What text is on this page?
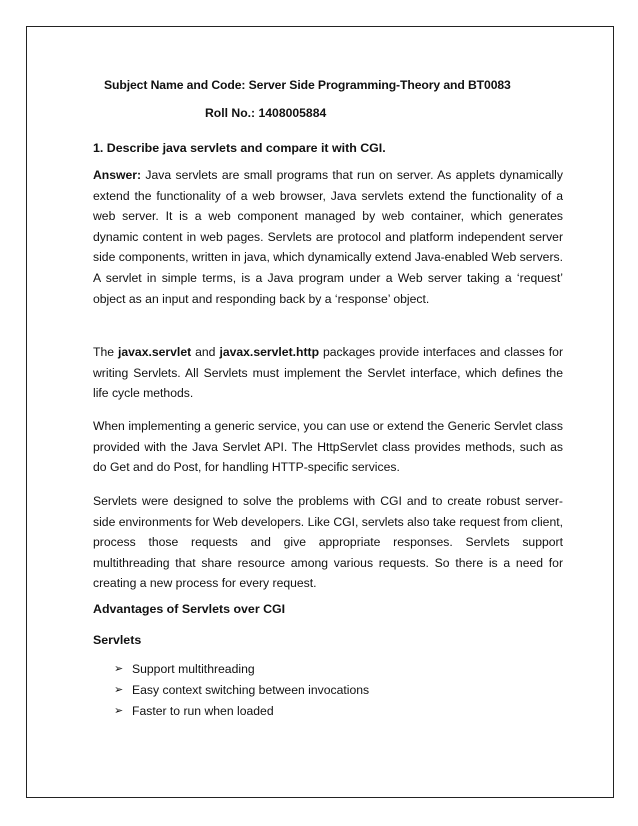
Subject Name and Code: Server Side Programming-Theory and BT0083

Roll No.: 1408005884

1. Describe java servlets and compare it with CGI.

Answer: Java servlets are small programs that run on server. As applets dynamically extend the functionality of a web browser, Java servlets extend the functionality of a web server. It is a web component managed by web container, which generates dynamic content in web pages. Servlets are protocol and platform independent server side components, written in java, which dynamically extend Java-enabled Web servers. A servlet in simple terms, is a Java program under a Web server taking a ‘request’ object as an input and responding back by a ‘response’ object.

The javax.servlet and javax.servlet.http packages provide interfaces and classes for writing Servlets. All Servlets must implement the Servlet interface, which defines the life cycle methods.

When implementing a generic service, you can use or extend the Generic Servlet class provided with the Java Servlet API. The HttpServlet class provides methods, such as do Get and do Post, for handling HTTP-specific services.

Servlets were designed to solve the problems with CGI and to create robust server-side environments for Web developers. Like CGI, servlets also take request from client, process those requests and give appropriate responses. Servlets support multithreading that share resource among various requests. So there is a need for creating a new process for every request.

Advantages of Servlets over CGI

Servlets

➢ Support multithreading
➢ Easy context switching between invocations
➢ Faster to run when loaded
